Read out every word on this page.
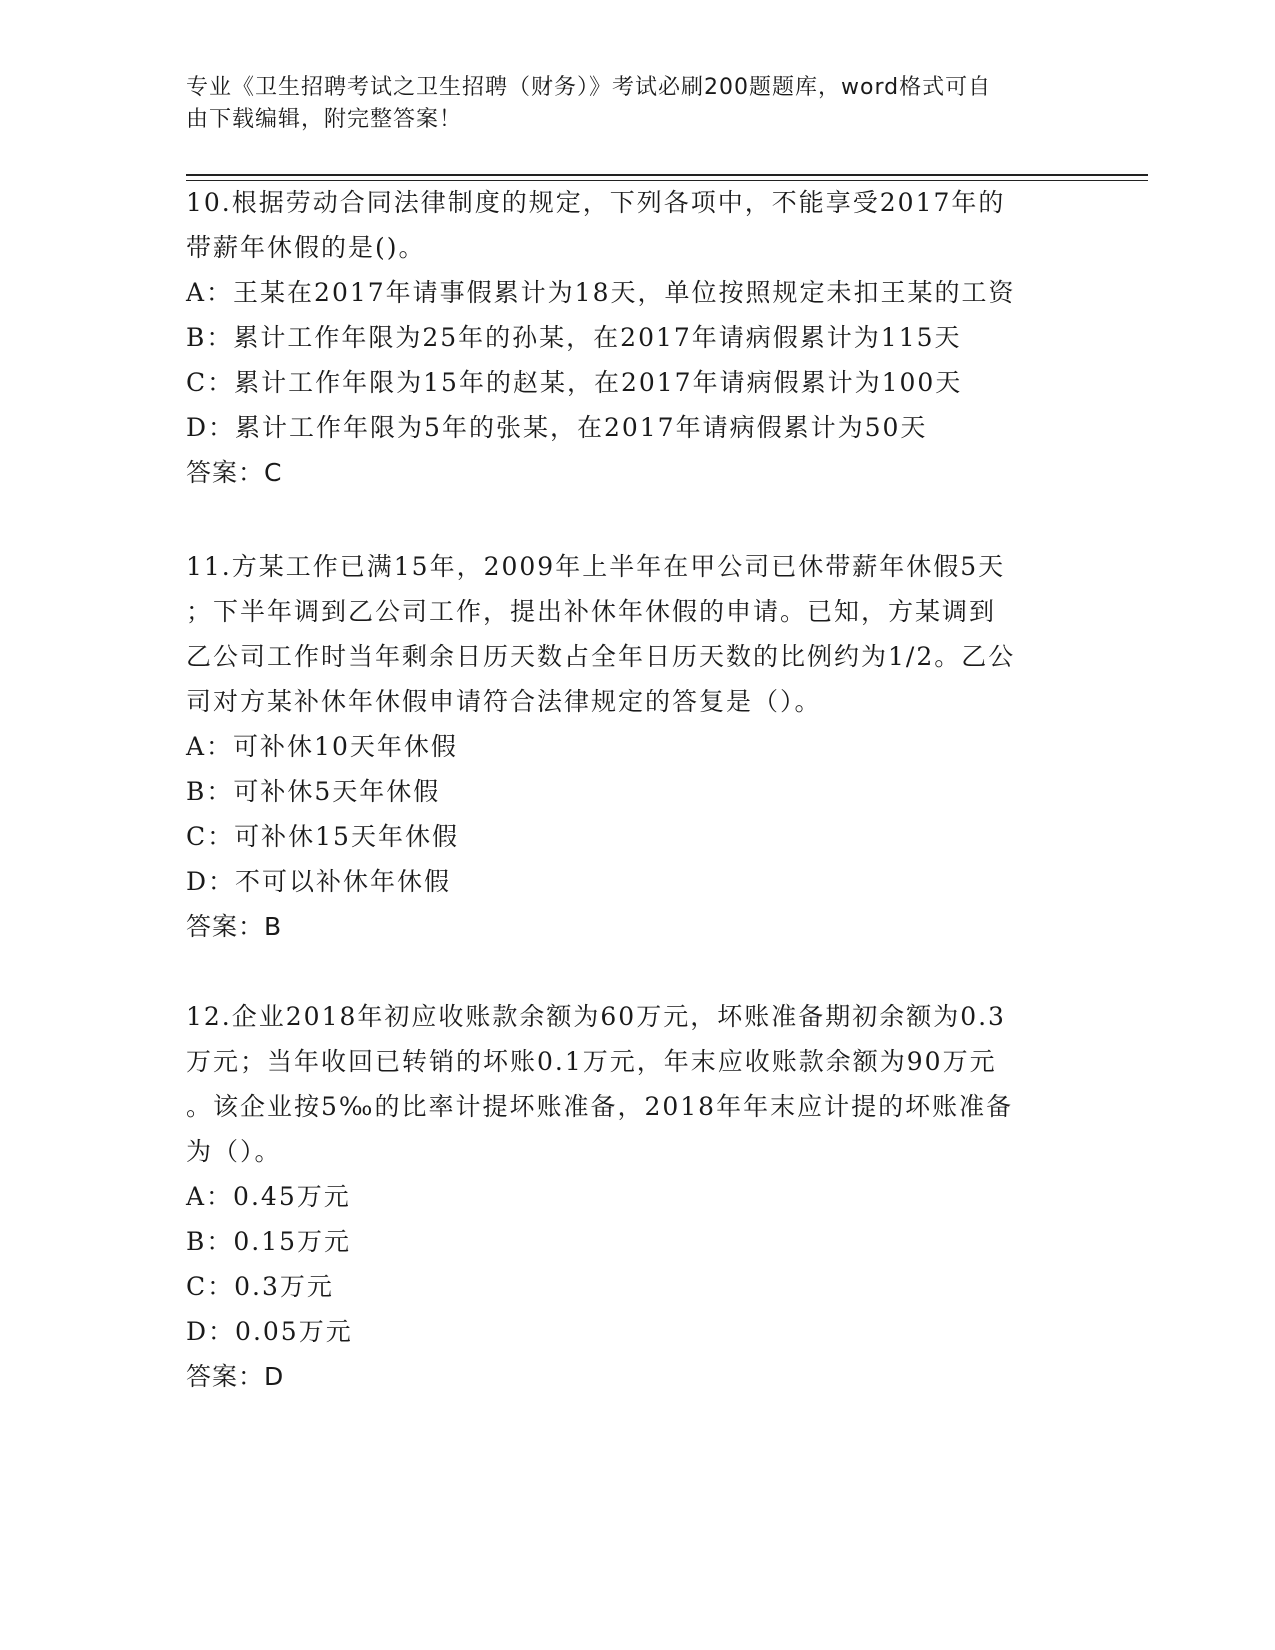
专业《卫生招聘考试之卫生招聘（财务）》考试必刷200题题库，word格式可自
由下载编辑，附完整答案！
10.根据劳动合同法律制度的规定，下列各项中，不能享受2017年的
带薪年休假的是()。
A：王某在2017年请事假累计为18天，单位按照规定未扣王某的工资
B：累计工作年限为25年的孙某，在2017年请病假累计为115天
C：累计工作年限为15年的赵某，在2017年请病假累计为100天
D：累计工作年限为5年的张某，在2017年请病假累计为50天
答案：C
11.方某工作已满15年，2009年上半年在甲公司已休带薪年休假5天
；下半年调到乙公司工作，提出补休年休假的申请。已知，方某调到
乙公司工作时当年剩余日历天数占全年日历天数的比例约为1/2。乙公
司对方某补休年休假申请符合法律规定的答复是（）。
A：可补休10天年休假
B：可补休5天年休假
C：可补休15天年休假
D：不可以补休年休假
答案：B
12.企业2018年初应收账款余额为60万元，坏账准备期初余额为0.3
万元；当年收回已转销的坏账0.1万元，年末应收账款余额为90万元
。该企业按5‰的比率计提坏账准备，2018年年末应计提的坏账准备
为（）。
A：0.45万元
B：0.15万元
C：0.3万元
D：0.05万元
答案：D
